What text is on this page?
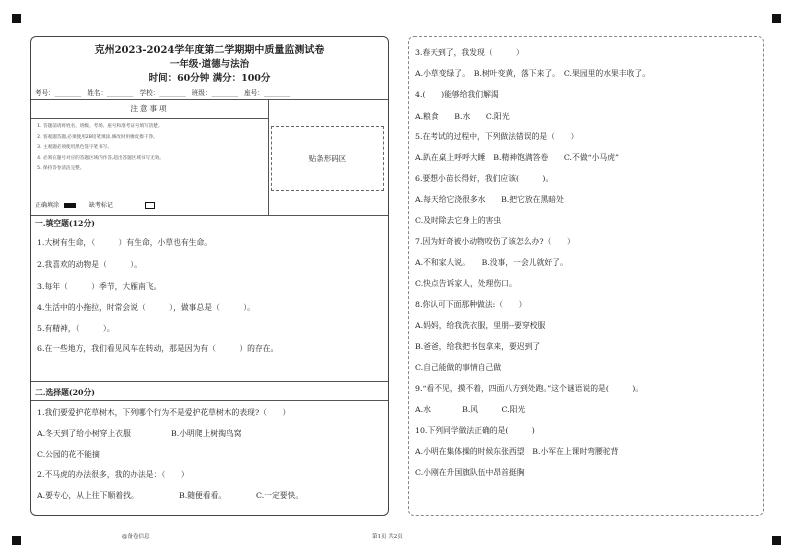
克州2023-2024学年度第二学期期中质量监测试卷
一年级·道德与法治
时间：60分钟 满分：100分
考号：________ 姓名：________ 学校：________ 班级：________ 座号：________
注意事项
1. 答题前请将姓名、班级、考场、座号和准考证号填写清楚。
2. 客观题答题,必须使用2B铅笔填涂,修改时用橡皮擦干净。
3. 主观题必须使用黑色签字笔书写。
4. 必须在题号对应的答题区域内作答,超出答题区域书写无效。
5. 保持答卷清洁完整。
正确填涂	缺考标记
贴条形码区
一.填空题(12分)
1.大树有生命，（　　　）有生命，小草也有生命。
2.我喜欢的动物是（　　　）。
3.每年（　　　）季节，大雁南飞。
4.生活中的小拖拉，时常会说（　　　），做事总是（　　　）。
5.有精神，（　　　）。
6.在一些地方，我们看见风车在转动，那是因为有（　　　）的存在。
二.选择题(20分)
1.我们要爱护花草树木，下列哪个行为不是爱护花草树木的表现?（　　）
A.冬天到了给小树穿上衣服	B.小明爬上树掏鸟窝
C.公园的花不能摘
2.不马虎的办法很多，我的办法是：（　　）
A.要专心，从上往下顺着找。	B.随便看看。	C.一定要快。
3.春天到了，我发现（　　　）
A.小草变绿了。　B.树叶变黄，落下来了。　C.果园里的水果丰收了。
4.(　　)能够给我们解渴
A.粮食　　B.水　　C.阳光
5.在考试的过程中，下列做法错误的是（　　）
A.趴在桌上呼呼大睡　B.精神饱满答卷　　C.不做“小马虎”
6.要想小苗长得好，我们应该(　　　)。
A.每天给它浇很多水　　B.把它放在黑暗处
C.及时除去它身上的害虫
7.因为好奇被小动物咬伤了该怎么办?（　　）
A.不和家人说。　　B.没事，一会儿就好了。
C.快点告诉家人，处理伤口。
8.你认可下面那种做法:（　　）
A.妈妈，给我洗衣服，里朋--要穿校服
B.爸爸，给我把书包拿来，要迟到了
C.自己能做的事情自己做
9.“看不见，摸不着，四面八方到处跑。”这个谜语说的是(　　　)。
A.水　　　　B.风　　　C.阳光
10.下列同学做法正确的是(　　　)
A.小明在集体操的时候东张西望　B.小军在上课时弯腰驼背
C.小刚在升国旗队伍中昂首挺胸
@备卷信息	第1页 共2页
